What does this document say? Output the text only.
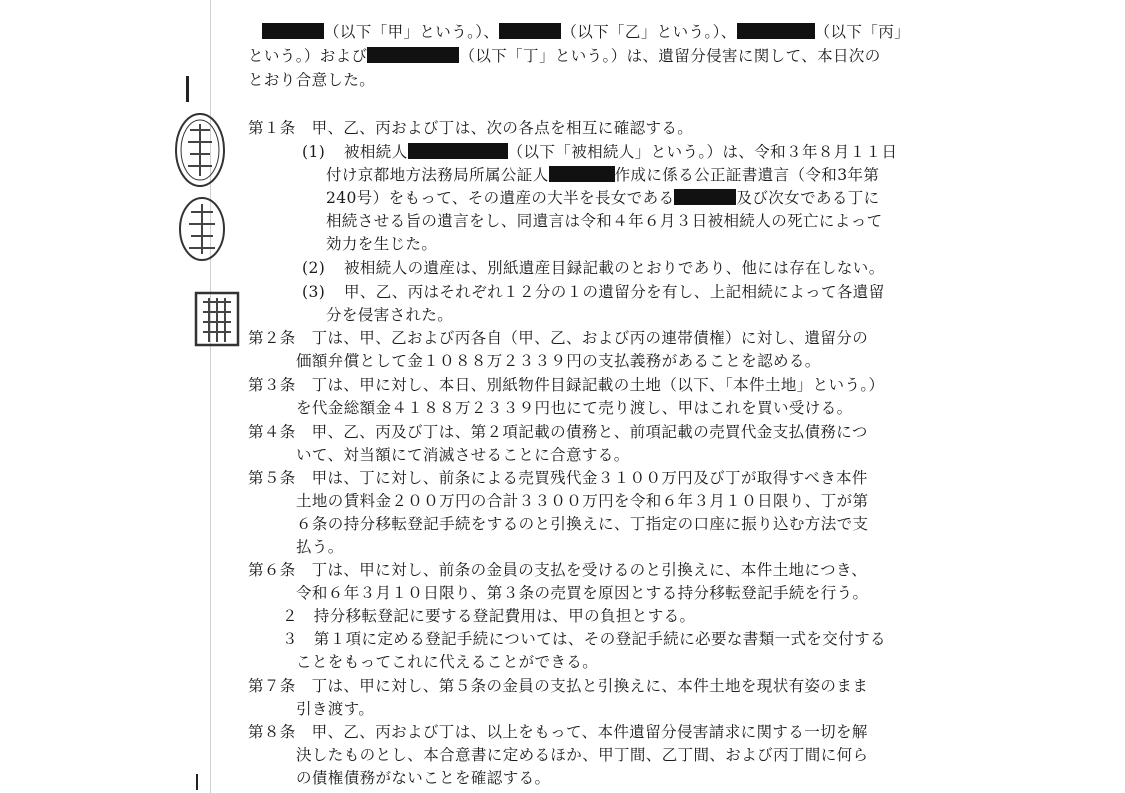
（以下「甲」という。）、	（以下「乙」という。）、	（以下「丙」
という。）および	（以下「丁」という。）は、遺留分侵害に関して、本日次の
とおり合意した。
第１条　甲、乙、丙および丁は、次の各点を相互に確認する。
(1) 被相続人	（以下「被相続人」という。）は、令和３年８月１１日
付け京都地方法務局所属公証人	作成に係る公正証書遺言（令和3年第
240号）をもって、その遺産の大半を長女である	及び次女である丁に
相続させる旨の遺言をし、同遺言は令和４年６月３日被相続人の死亡によって
効力を生じた。
(2) 被相続人の遺産は、別紙遺産目録記載のとおりであり、他には存在しない。
(3) 甲、乙、丙はそれぞれ１２分の１の遺留分を有し、上記相続によって各遺留
分を侵害された。
第２条　丁は、甲、乙および丙各自（甲、乙、および丙の連帯債権）に対し、遺留分の
価額弁償として金１０８８万２３３９円の支払義務があることを認める。
第３条　丁は、甲に対し、本日、別紙物件目録記載の土地（以下、「本件土地」という。）
を代金総額金４１８８万２３３９円也にて売り渡し、甲はこれを買い受ける。
第４条　甲、乙、丙及び丁は、第２項記載の債務と、前項記載の売買代金支払債務につ
いて、対当額にて消滅させることに合意する。
第５条　甲は、丁に対し、前条による売買残代金３１００万円及び丁が取得すべき本件
土地の賃料金２００万円の合計３３００万円を令和６年３月１０日限り、丁が第
６条の持分移転登記手続をするのと引換えに、丁指定の口座に振り込む方法で支
払う。
第６条　丁は、甲に対し、前条の金員の支払を受けるのと引換えに、本件土地につき、
令和６年３月１０日限り、第３条の売買を原因とする持分移転登記手続を行う。
２　持分移転登記に要する登記費用は、甲の負担とする。
３　第１項に定める登記手続については、その登記手続に必要な書類一式を交付する
ことをもってこれに代えることができる。
第７条　丁は、甲に対し、第５条の金員の支払と引換えに、本件土地を現状有姿のまま
引き渡す。
第８条　甲、乙、丙および丁は、以上をもって、本件遺留分侵害請求に関する一切を解
決したものとし、本合意書に定めるほか、甲丁間、乙丁間、および丙丁間に何ら
の債権債務がないことを確認する。
